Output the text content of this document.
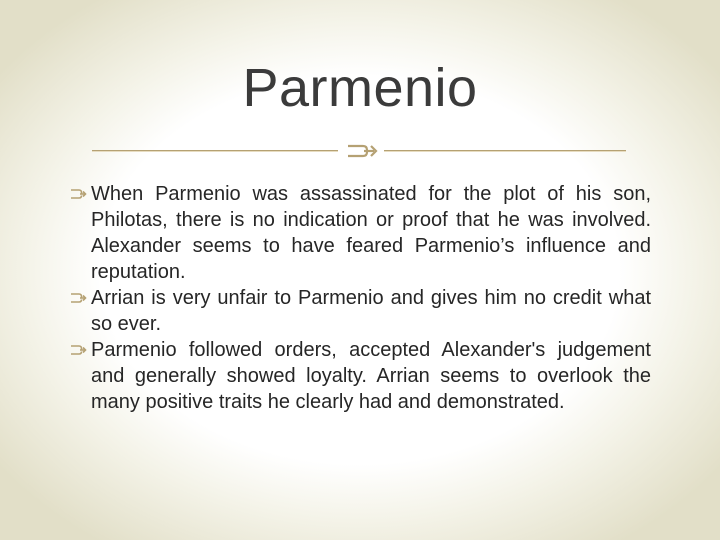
Parmenio
When Parmenio was assassinated for the plot of his son, Philotas, there is no indication or proof that he was involved. Alexander seems to have feared Parmenio’s influence and reputation.
Arrian is very unfair to Parmenio and gives him no credit what so ever.
Parmenio followed orders, accepted Alexander's judgement and generally showed loyalty. Arrian seems to overlook the many positive traits he clearly had and demonstrated.
